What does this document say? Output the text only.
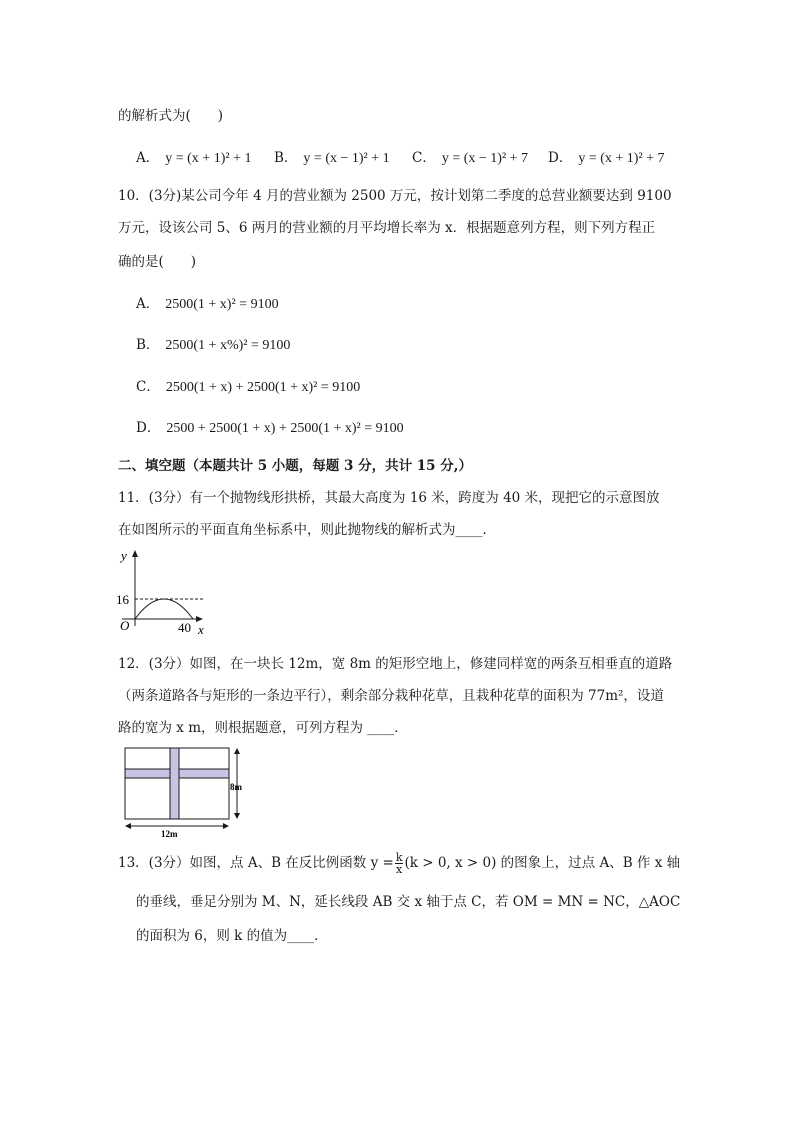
的解析式为(　　)
A． y = (x + 1)² + 1 B． y = (x − 1)² + 1 C． y = (x − 1)² + 7 D． y = (x + 1)² + 7
10．(3分)某公司今年 4 月的营业额为 2500 万元，按计划第二季度的总营业额要达到 9100
万元，设该公司 5、6 两月的营业额的月平均增长率为 x．根据题意列方程，则下列方程正
确的是(　　)
A． 2500(1 + x)² = 9100
B． 2500(1 + x%)² = 9100
C． 2500(1 + x) + 2500(1 + x)² = 9100
D． 2500 + 2500(1 + x) + 2500(1 + x)² = 9100
二、填空题（本题共计 5 小题，每题 3 分，共计 15 分,）
11．(3分）有一个抛物线形拱桥，其最大高度为 16 米，跨度为 40 米，现把它的示意图放
在如图所示的平面直角坐标系中，则此抛物线的解析式为____．
y
16
O	40 x
12．(3分）如图，在一块长 12m，宽 8m 的矩形空地上，修建同样宽的两条互相垂直的道路
（两条道路各与矩形的一条边平行），剩余部分栽种花草，且栽种花草的面积为 77m²，设道
路的宽为 x m，则根据题意，可列方程为 ____．
8m
12m
13．(3分）如图，点 A、B 在反比例函数 $y = \frac{k}{x} (k > 0$, x > 0) 的图象上，过点 A、B 作 x 轴
的垂线，垂足分别为 M、N，延长线段 AB 交 x 轴于点 C，若 OM = MN = NC，△AOC
的面积为 6，则 k 的值为____．
